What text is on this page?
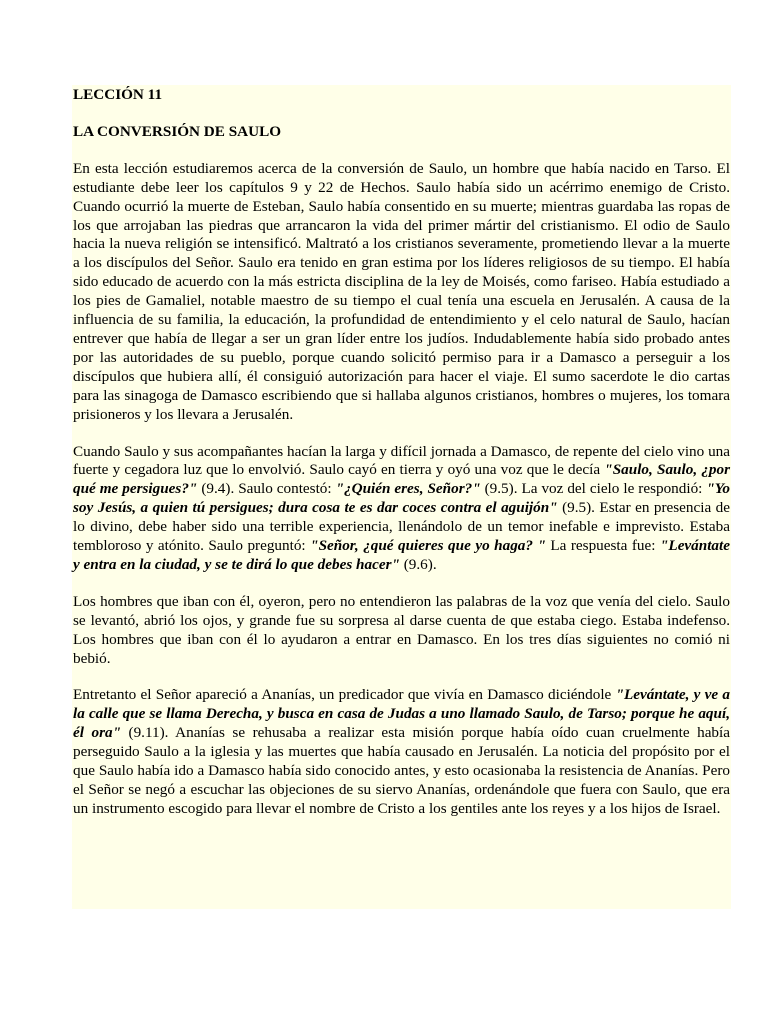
LECCIÓN 11

LA CONVERSIÓN DE SAULO

En esta lección estudiaremos acerca de la conversión de Saulo, un hombre que había nacido en Tarso. El estudiante debe leer los capítulos 9 y 22 de Hechos. Saulo había sido un acérrimo enemigo de Cristo. Cuando ocurrió la muerte de Esteban, Saulo había consentido en su muerte; mientras guardaba las ropas de los que arrojaban las piedras que arrancaron la vida del primer mártir del cristianismo. El odio de Saulo hacia la nueva religión se intensificó. Maltrató a los cristianos severamente, prometiendo llevar a la muerte a los discípulos del Señor. Saulo era tenido en gran estima por los líderes religiosos de su tiempo. El había sido educado de acuerdo con la más estricta disciplina de la ley de Moisés, como fariseo. Había estudiado a los pies de Gamaliel, notable maestro de su tiempo el cual tenía una escuela en Jerusalén. A causa de la influencia de su familia, la educación, la profundidad de entendimiento y el celo natural de Saulo, hacían entrever que había de llegar a ser un gran líder entre los judíos. Indudablemente había sido probado antes por las autoridades de su pueblo, porque cuando solicitó permiso para ir a Damasco a perseguir a los discípulos que hubiera allí, él consiguió autorización para hacer el viaje. El sumo sacerdote le dio cartas para las sinagoga de Damasco escribiendo que si hallaba algunos cristianos, hombres o mujeres, los tomara prisioneros y los llevara a Jerusalén.

Cuando Saulo y sus acompañantes hacían la larga y difícil jornada a Damasco, de repente del cielo vino una fuerte y cegadora luz que lo envolvió. Saulo cayó en tierra y oyó una voz que le decía "Saulo, Saulo, ¿por qué me persigues?" (9.4). Saulo contestó: "¿Quién eres, Señor?" (9.5). La voz del cielo le respondió: "Yo soy Jesús, a quien tú persigues; dura cosa te es dar coces contra el aguijón" (9.5). Estar en presencia de lo divino, debe haber sido una terrible experiencia, llenándolo de un temor inefable e imprevisto. Estaba tembloroso y atónito. Saulo preguntó: "Señor, ¿qué quieres que yo haga? " La respuesta fue: "Levántate y entra en la ciudad, y se te dirá lo que debes hacer" (9.6).

Los hombres que iban con él, oyeron, pero no entendieron las palabras de la voz que venía del cielo. Saulo se levantó, abrió los ojos, y grande fue su sorpresa al darse cuenta de que estaba ciego. Estaba indefenso. Los hombres que iban con él lo ayudaron a entrar en Damasco. En los tres días siguientes no comió ni bebió.

Entretanto el Señor apareció a Ananías, un predicador que vivía en Damasco diciéndole "Levántate, y ve a la calle que se llama Derecha, y busca en casa de Judas a uno llamado Saulo, de Tarso; porque he aquí, él ora" (9.11). Ananías se rehusaba a realizar esta misión porque había oído cuan cruelmente había perseguido Saulo a la iglesia y las muertes que había causado en Jerusalén. La noticia del propósito por el que Saulo había ido a Damasco había sido conocido antes, y esto ocasionaba la resistencia de Ananías. Pero el Señor se negó a escuchar las objeciones de su siervo Ananías, ordenándole que fuera con Saulo, que era un instrumento escogido para llevar el nombre de Cristo a los gentiles ante los reyes y a los hijos de Israel.
